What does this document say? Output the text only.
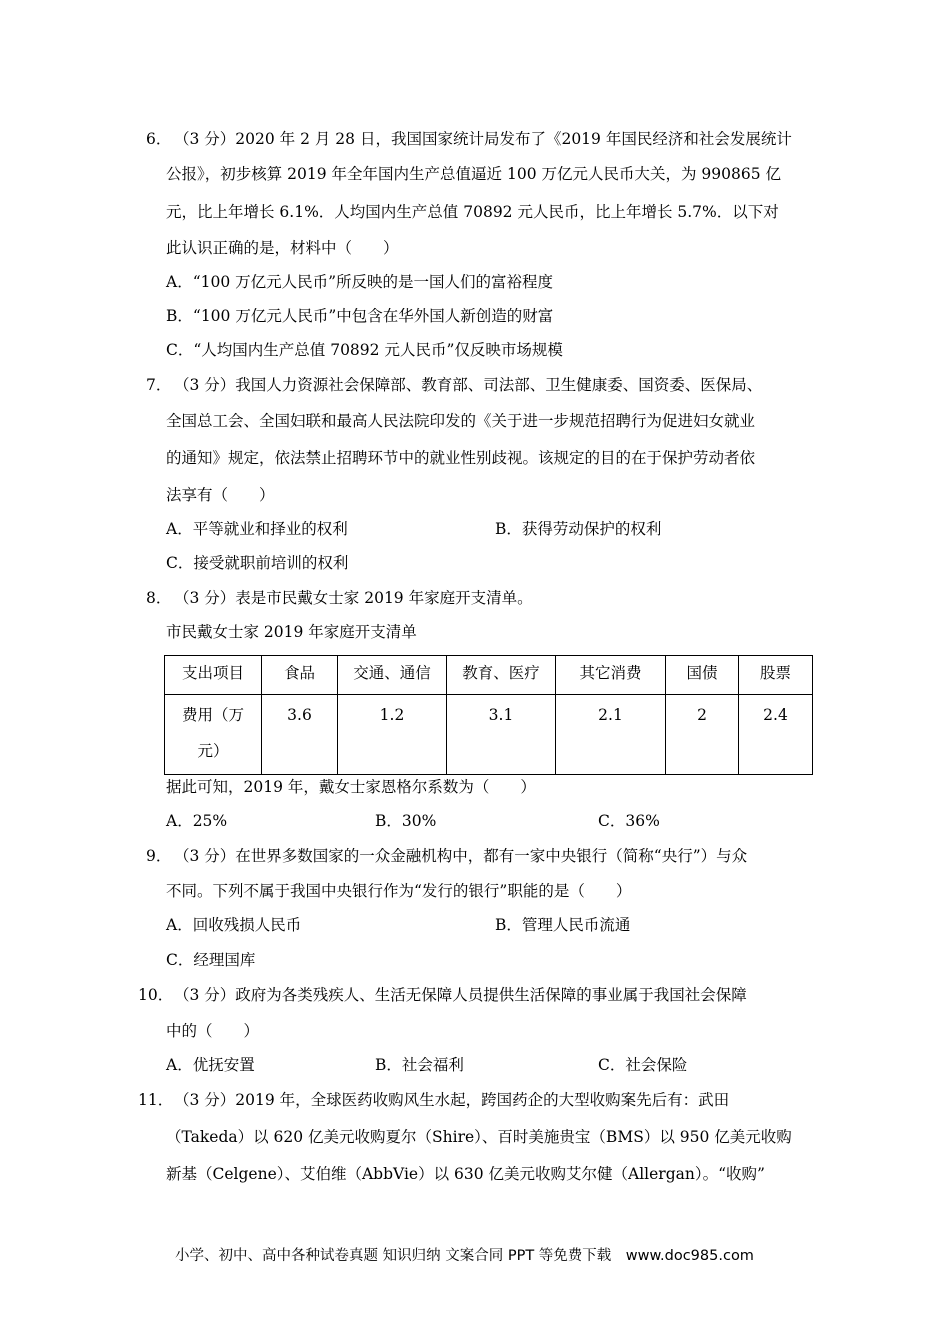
6． （3 分）2020 年 2 月 28 日，我国国家统计局发布了《2019 年国民经济和社会发展统计
公报》，初步核算 2019 年全年国内生产总值逼近 100 万亿元人民币大关，为 990865 亿
元，比上年增长 6.1%．人均国内生产总值 70892 元人民币，比上年增长 5.7%．以下对
此认识正确的是，材料中（　　）
A．“100 万亿元人民币”所反映的是一国人们的富裕程度
B．“100 万亿元人民币”中包含在华外国人新创造的财富
C．“人均国内生产总值 70892 元人民币”仅反映市场规模
7． （3 分）我国人力资源社会保障部、教育部、司法部、卫生健康委、国资委、医保局、
全国总工会、全国妇联和最高人民法院印发的《关于进一步规范招聘行为促进妇女就业
的通知》规定，依法禁止招聘环节中的就业性别歧视。该规定的目的在于保护劳动者依
法享有（　　）
A．平等就业和择业的权利	B．获得劳动保护的权利
C．接受就职前培训的权利
8． （3 分）表是市民戴女士家 2019 年家庭开支清单。
市民戴女士家 2019 年家庭开支清单
支出项目	食品	交通、通信	教育、医疗	其它消费	国债	股票

费用（万
元）	3.6	1.2	3.1	2.1	2	2.4
据此可知，2019 年，戴女士家恩格尔系数为（　　）
A．25%	B．30%	C．36%
9． （3 分）在世界多数国家的一众金融机构中，都有一家中央银行（简称“央行”）与众
不同。下列不属于我国中央银行作为“发行的银行”职能的是（　　）
A．回收残损人民币	B．管理人民币流通
C．经理国库
10． （3 分）政府为各类残疾人、生活无保障人员提供生活保障的事业属于我国社会保障
中的（　　）
A．优抚安置	B．社会福利	C．社会保险
11． （3 分）2019 年，全球医药收购风生水起，跨国药企的大型收购案先后有：武田
（Takeda）以 620 亿美元收购夏尔（Shire）、百时美施贵宝（BMS）以 950 亿美元收购
新基（Celgene）、艾伯维（AbbVie）以 630 亿美元收购艾尔健（Allergan）。“收购”
小学、初中、高中各种试卷真题 知识归纳 文案合同 PPT 等免费下载　www.doc985.com
